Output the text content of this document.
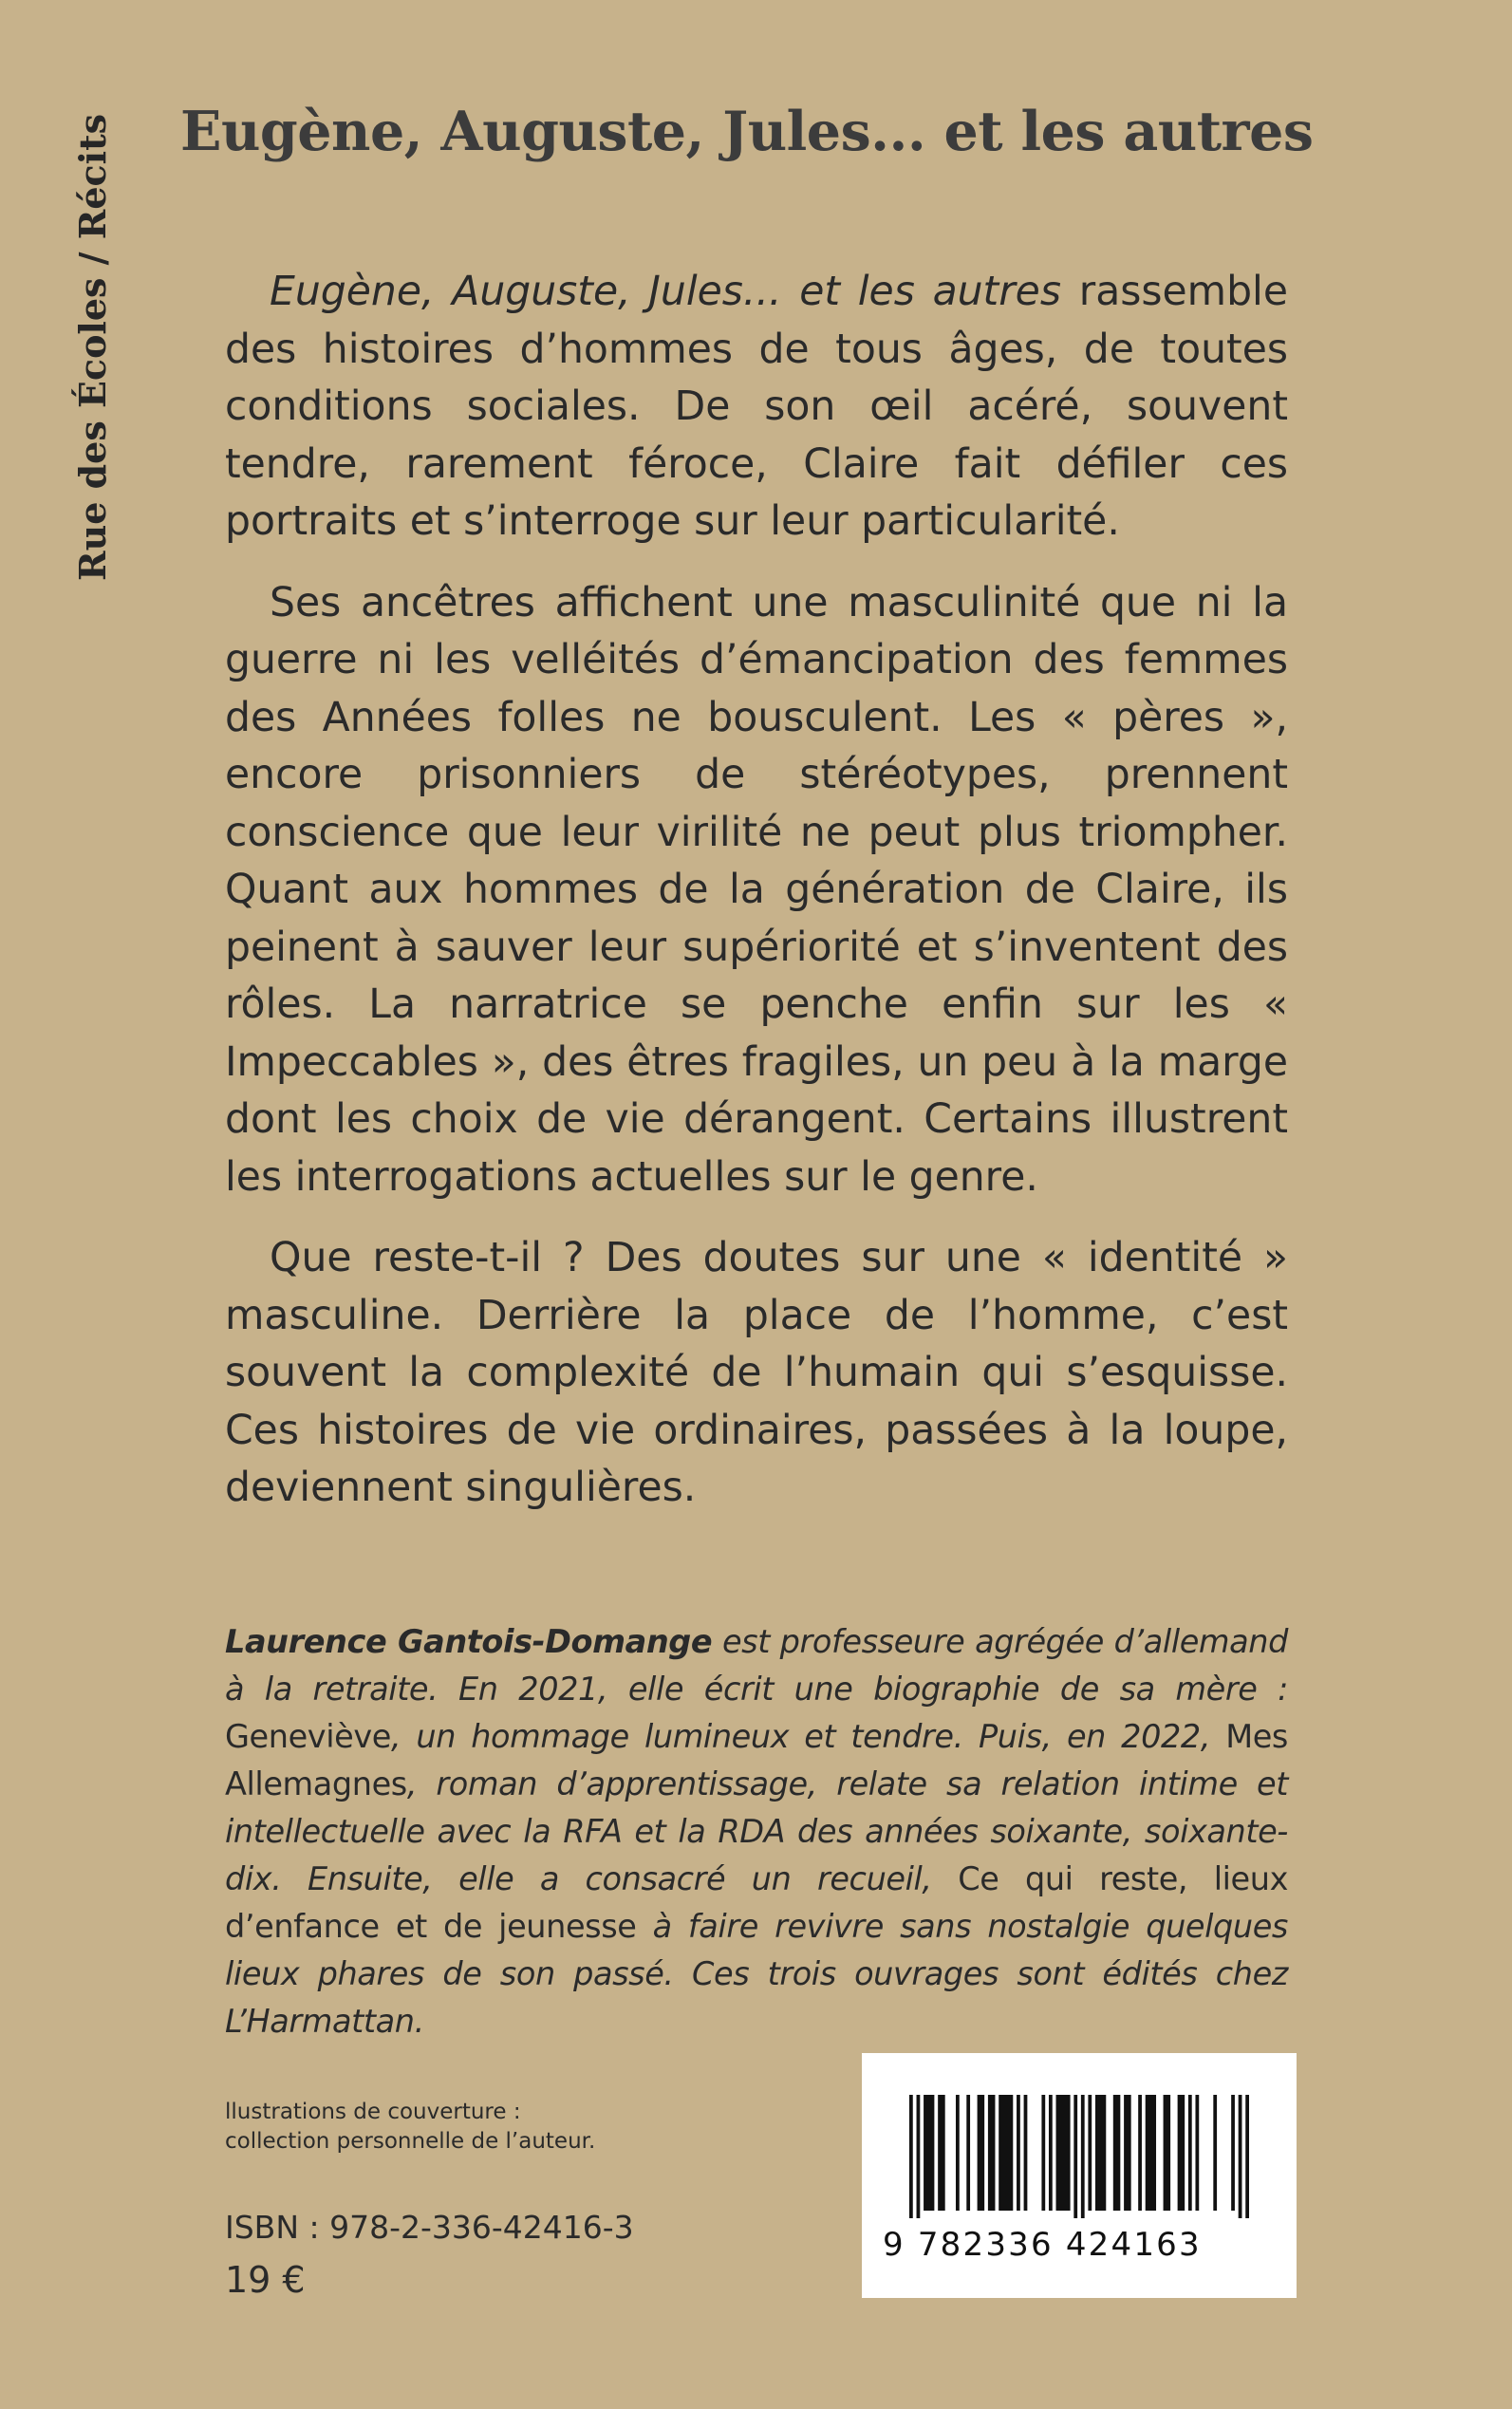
Rue des Écoles / Récits Eugène, Auguste, Jules... et les autres

Eugène, Auguste, Jules... et les autres rassemble des histoires d’hommes de tous âges, de toutes conditions sociales. De son œil acéré, souvent tendre, rarement féroce, Claire fait défiler ces portraits et s’interroge sur leur particularité.

Ses ancêtres affichent une masculinité que ni la guerre ni les velléités d’émancipation des femmes des Années folles ne bousculent. Les « pères », encore prisonniers de stéréotypes, prennent conscience que leur virilité ne peut plus triompher. Quant aux hommes de la génération de Claire, ils peinent à sauver leur supériorité et s’inventent des rôles. La narratrice se penche enfin sur les « Impeccables », des êtres fragiles, un peu à la marge dont les choix de vie dérangent. Certains illustrent les interrogations actuelles sur le genre.

Que reste-t-il ? Des doutes sur une « identité » masculine. Derrière la place de l’homme, c’est souvent la complexité de l’humain qui s’esquisse. Ces histoires de vie ordinaires, passées à la loupe, deviennent singulières.

Laurence Gantois-Domange est professeure agrégée d’allemand à la retraite. En 2021, elle écrit une biographie de sa mère : Geneviève, un hommage lumineux et tendre. Puis, en 2022, Mes Allemagnes, roman d’apprentissage, relate sa relation intime et intellectuelle avec la RFA et la RDA des années soixante, soixante-dix. Ensuite, elle a consacré un recueil, Ce qui reste, lieux d’enfance et de jeunesse à faire revivre sans nostalgie quelques lieux phares de son passé. Ces trois ouvrages sont édités chez L’Harmattan.

llustrations de couverture :
collection personnelle de l’auteur.
ISBN : 978-2-336-42416-3
19 €
9 782336 424163
